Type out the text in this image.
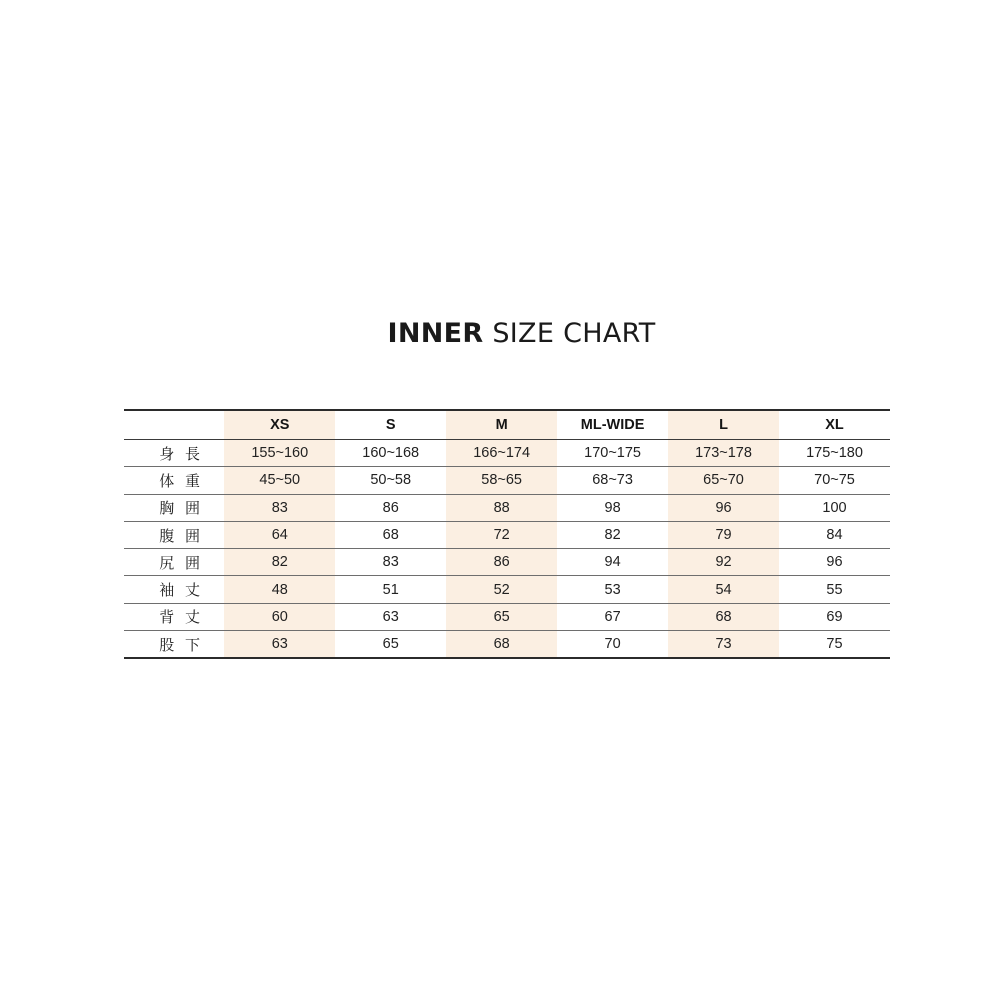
INNER SIZE CHART
	XS	S	M	ML-WIDE	L	XL
身 長	155~160	160~168	166~174	170~175	173~178	175~180
体 重	45~50	50~58	58~65	68~73	65~70	70~75
胸 囲	83	86	88	98	96	100
腹 囲	64	68	72	82	79	84
尻 囲	82	83	86	94	92	96
袖 丈	48	51	52	53	54	55
背 丈	60	63	65	67	68	69
股 下	63	65	68	70	73	75
